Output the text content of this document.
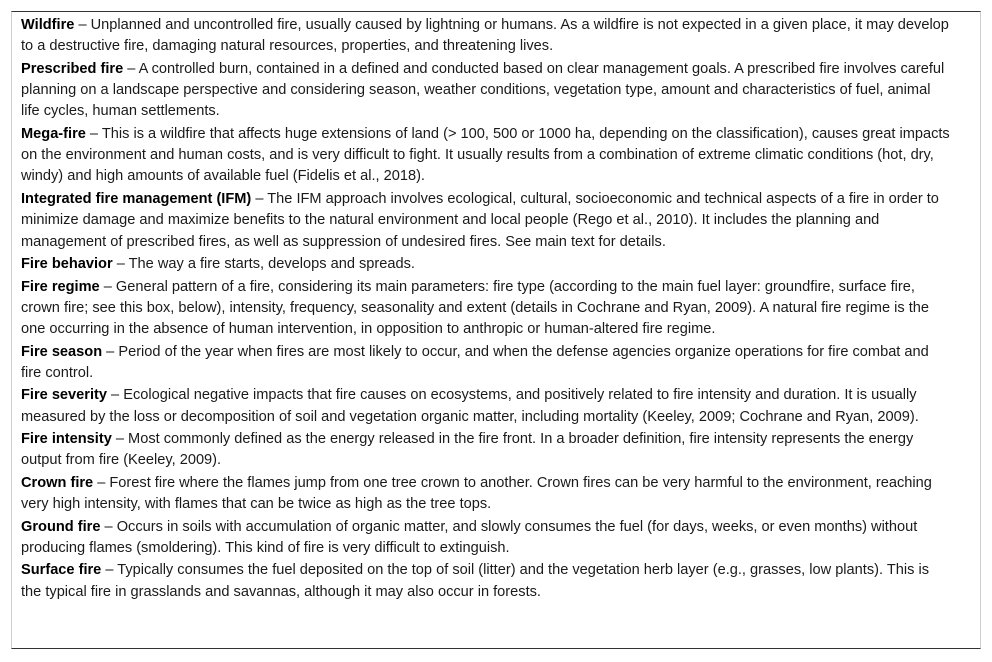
Wildfire – Unplanned and uncontrolled fire, usually caused by lightning or humans. As a wildfire is not expected in a given place, it may develop to a destructive fire, damaging natural resources, properties, and threatening lives.

Prescribed fire – A controlled burn, contained in a defined and conducted based on clear management goals. A prescribed fire involves careful planning on a landscape perspective and considering season, weather conditions, vegetation type, amount and characteristics of fuel, animal life cycles, human settlements.

Mega-fire – This is a wildfire that affects huge extensions of land (> 100, 500 or 1000 ha, depending on the classification), causes great impacts on the environment and human costs, and is very difficult to fight. It usually results from a combination of extreme climatic conditions (hot, dry, windy) and high amounts of available fuel (Fidelis et al., 2018).

Integrated fire management (IFM) – The IFM approach involves ecological, cultural, socioeconomic and technical aspects of a fire in order to minimize damage and maximize benefits to the natural environment and local people (Rego et al., 2010). It includes the planning and management of prescribed fires, as well as suppression of undesired fires. See main text for details.

Fire behavior – The way a fire starts, develops and spreads.

Fire regime – General pattern of a fire, considering its main parameters: fire type (according to the main fuel layer: groundfire, surface fire, crown fire; see this box, below), intensity, frequency, seasonality and extent (details in Cochrane and Ryan, 2009). A natural fire regime is the one occurring in the absence of human intervention, in opposition to anthropic or human-altered fire regime.

Fire season – Period of the year when fires are most likely to occur, and when the defense agencies organize operations for fire combat and fire control.

Fire severity – Ecological negative impacts that fire causes on ecosystems, and positively related to fire intensity and duration. It is usually measured by the loss or decomposition of soil and vegetation organic matter, including mortality (Keeley, 2009; Cochrane and Ryan, 2009).

Fire intensity – Most commonly defined as the energy released in the fire front. In a broader definition, fire intensity represents the energy output from fire (Keeley, 2009).

Crown fire – Forest fire where the flames jump from one tree crown to another. Crown fires can be very harmful to the environment, reaching very high intensity, with flames that can be twice as high as the tree tops.

Ground fire – Occurs in soils with accumulation of organic matter, and slowly consumes the fuel (for days, weeks, or even months) without producing flames (smoldering). This kind of fire is very difficult to extinguish.

Surface fire – Typically consumes the fuel deposited on the top of soil (litter) and the vegetation herb layer (e.g., grasses, low plants). This is the typical fire in grasslands and savannas, although it may also occur in forests.
